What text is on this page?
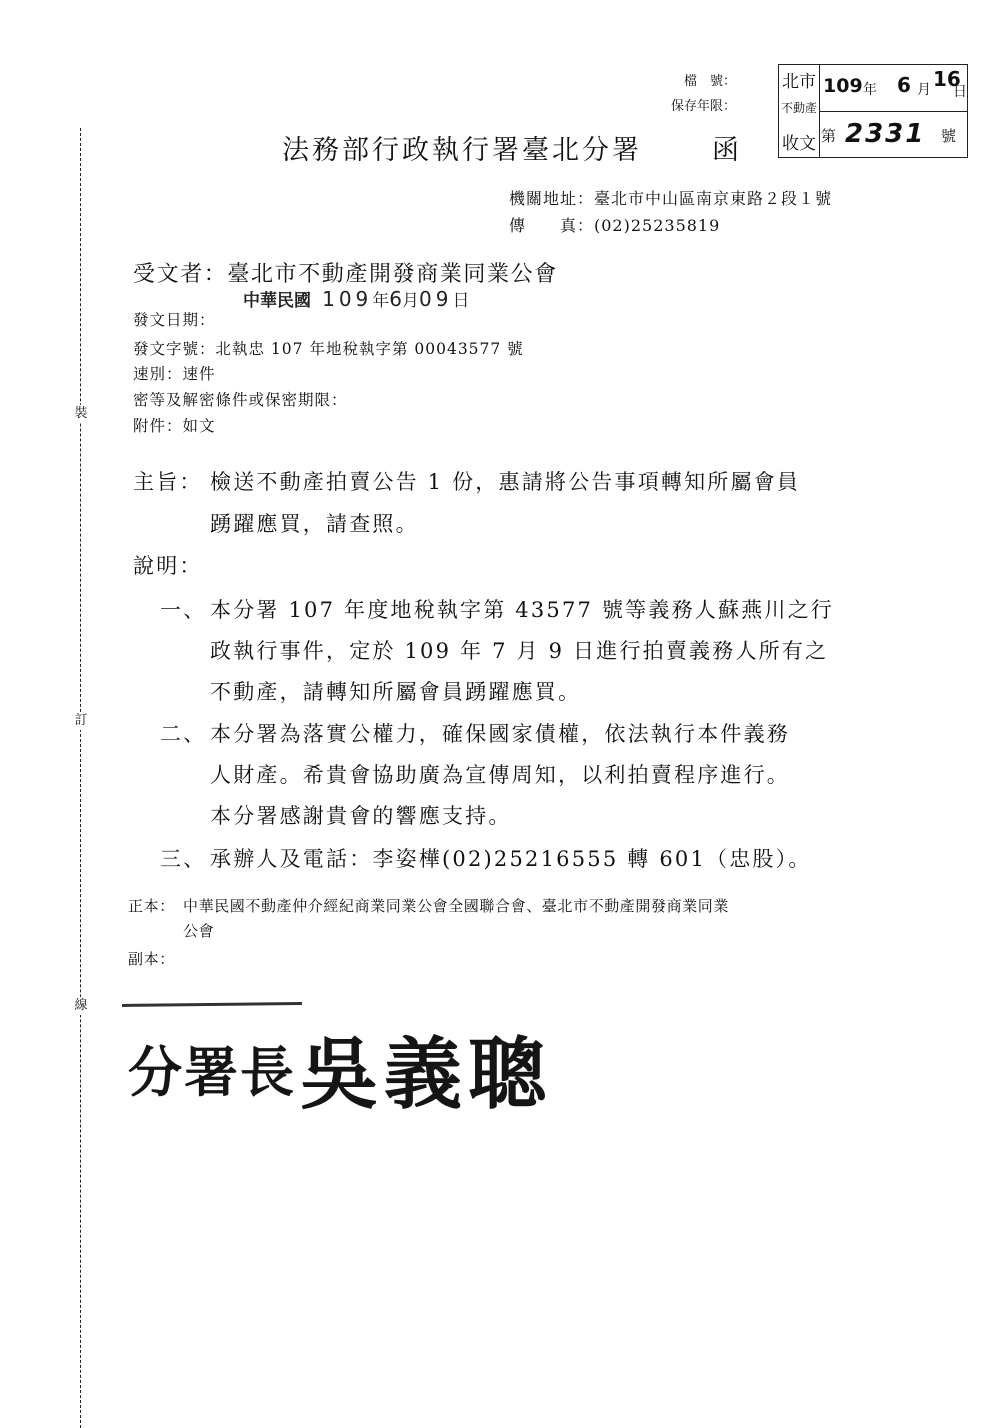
裝
訂
線
檔　號：
保存年限：
北市
不動產
收文
109 年 6 月 16
日
第 2331 號
法務部行政執行署臺北分署	函
機關地址：臺北市中山區南京東路２段１號
傳　　真：(02)25235819
受文者：臺北市不動產開發商業同業公會
中華民國 109年6月09日
發文日期：
發文字號：北執忠 107 年地稅執字第 00043577 號
速別：速件
密等及解密條件或保密期限：
附件：如文
主旨： 檢送不動產拍賣公告 1 份，惠請將公告事項轉知所屬會員
踴躍應買，請查照。
說明：
一、 本分署 107 年度地稅執字第 43577 號等義務人蘇燕川之行
政執行事件，定於 109 年 7 月 9 日進行拍賣義務人所有之
不動產，請轉知所屬會員踴躍應買。
二、 本分署為落實公權力，確保國家債權，依法執行本件義務
人財產。希貴會協助廣為宣傳周知，以利拍賣程序進行。
本分署感謝貴會的響應支持。
三、 承辦人及電話：李姿樺(02)25216555 轉 601（忠股）。
正本： 中華民國不動產仲介經紀商業同業公會全國聯合會、臺北市不動產開發商業同業
公會
副本：
分署長 吳義聰
